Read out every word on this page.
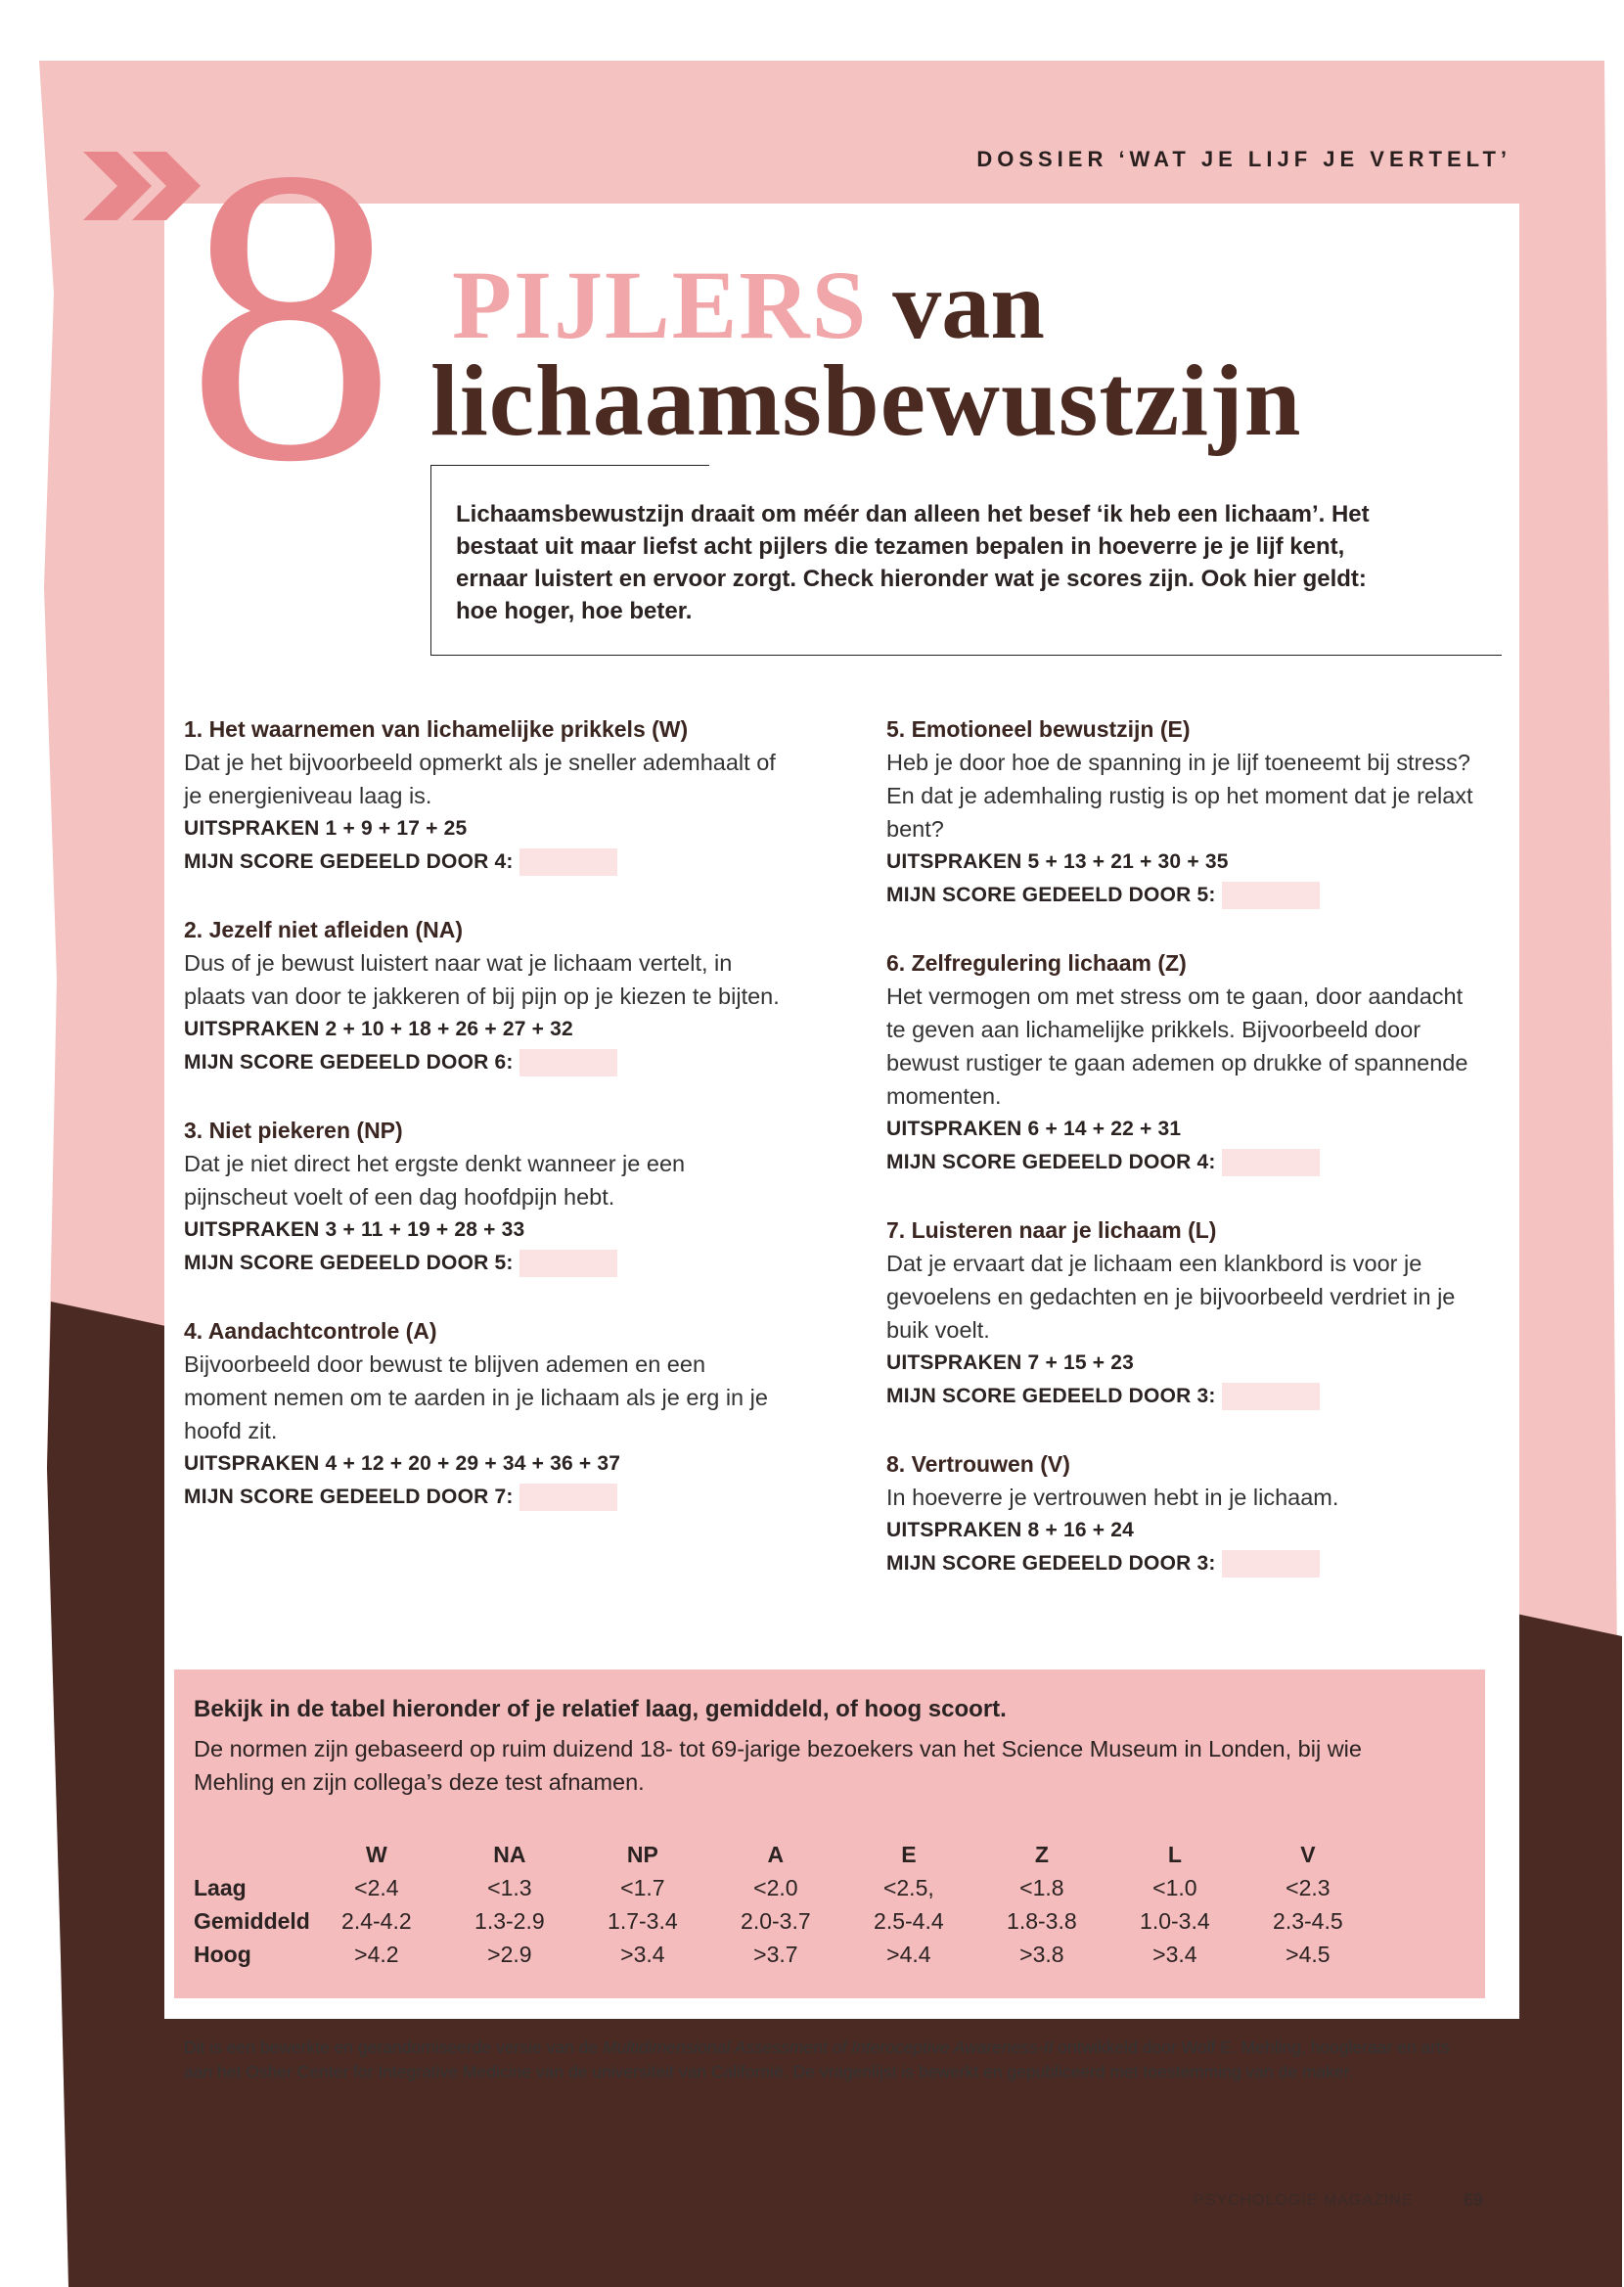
DOSSIER ‘WAT JE LIJF JE VERTELT’
8 PIJLERS van
lichaamsbewustzijn
Lichaamsbewustzijn draait om méér dan alleen het besef ‘ik heb een lichaam’. Het bestaat uit maar liefst acht pijlers die tezamen bepalen in hoeverre je je lijf kent, ernaar luistert en ervoor zorgt. Check hieronder wat je scores zijn. Ook hier geldt: hoe hoger, hoe beter.
1. Het waarnemen van lichamelijke prikkels (W)
Dat je het bijvoorbeeld opmerkt als je sneller ademhaalt of je energieniveau laag is.
UITSPRAKEN 1 + 9 + 17 + 25
MIJN SCORE GEDEELD DOOR 4:
2. Jezelf niet afleiden (NA)
Dus of je bewust luistert naar wat je lichaam vertelt, in plaats van door te jakkeren of bij pijn op je kiezen te bijten.
UITSPRAKEN 2 + 10 + 18 + 26 + 27 + 32
MIJN SCORE GEDEELD DOOR 6:
3. Niet piekeren (NP)
Dat je niet direct het ergste denkt wanneer je een pijnscheut voelt of een dag hoofdpijn hebt.
UITSPRAKEN 3 + 11 + 19 + 28 + 33
MIJN SCORE GEDEELD DOOR 5:
4. Aandachtcontrole (A)
Bijvoorbeeld door bewust te blijven ademen en een moment nemen om te aarden in je lichaam als je erg in je hoofd zit.
UITSPRAKEN 4 + 12 + 20 + 29 + 34 + 36 + 37
MIJN SCORE GEDEELD DOOR 7:
5. Emotioneel bewustzijn (E)
Heb je door hoe de spanning in je lijf toeneemt bij stress? En dat je ademhaling rustig is op het moment dat je relaxt bent?
UITSPRAKEN 5 + 13 + 21 + 30 + 35
MIJN SCORE GEDEELD DOOR 5:
6. Zelfregulering lichaam (Z)
Het vermogen om met stress om te gaan, door aandacht te geven aan lichamelijke prikkels. Bijvoorbeeld door bewust rustiger te gaan ademen op drukke of spannende momenten.
UITSPRAKEN 6 + 14 + 22 + 31
MIJN SCORE GEDEELD DOOR 4:
7. Luisteren naar je lichaam (L)
Dat je ervaart dat je lichaam een klankbord is voor je gevoelens en gedachten en je bijvoorbeeld verdriet in je buik voelt.
UITSPRAKEN 7 + 15 + 23
MIJN SCORE GEDEELD DOOR 3:
8. Vertrouwen (V)
In hoeverre je vertrouwen hebt in je lichaam.
UITSPRAKEN 8 + 16 + 24
MIJN SCORE GEDEELD DOOR 3:
Bekijk in de tabel hieronder of je relatief laag, gemiddeld, of hoog scoort.
De normen zijn gebaseerd op ruim duizend 18- tot 69-jarige bezoekers van het Science Museum in Londen, bij wie Mehling en zijn collega’s deze test afnamen.
	W	NA	NP	A	E	Z	L	V
Laag	<2.4	<1.3	<1.7	<2.0	<2.5,	<1.8	<1.0	<2.3
Gemiddeld	2.4-4.2	1.3-2.9	1.7-3.4	2.0-3.7	2.5-4.4	1.8-3.8	1.0-3.4	2.3-4.5
Hoog	>4.2	>2.9	>3.4	>3.7	>4.4	>3.8	>3.4	>4.5
Dit is een bewerkte en gerandomiseerde versie van de Multidimensional Assessment of Interoceptive Awareness-II ontwikkeld door Wolf E. Mehling, hoogleraar en arts aan het Osher Center for Integrative Medicine van de universiteit van Californië. De vragenlijst is bewerkt en gepubliceerd met toestemming van de maker.
PSYCHOLOGIE MAGAZINE	69
